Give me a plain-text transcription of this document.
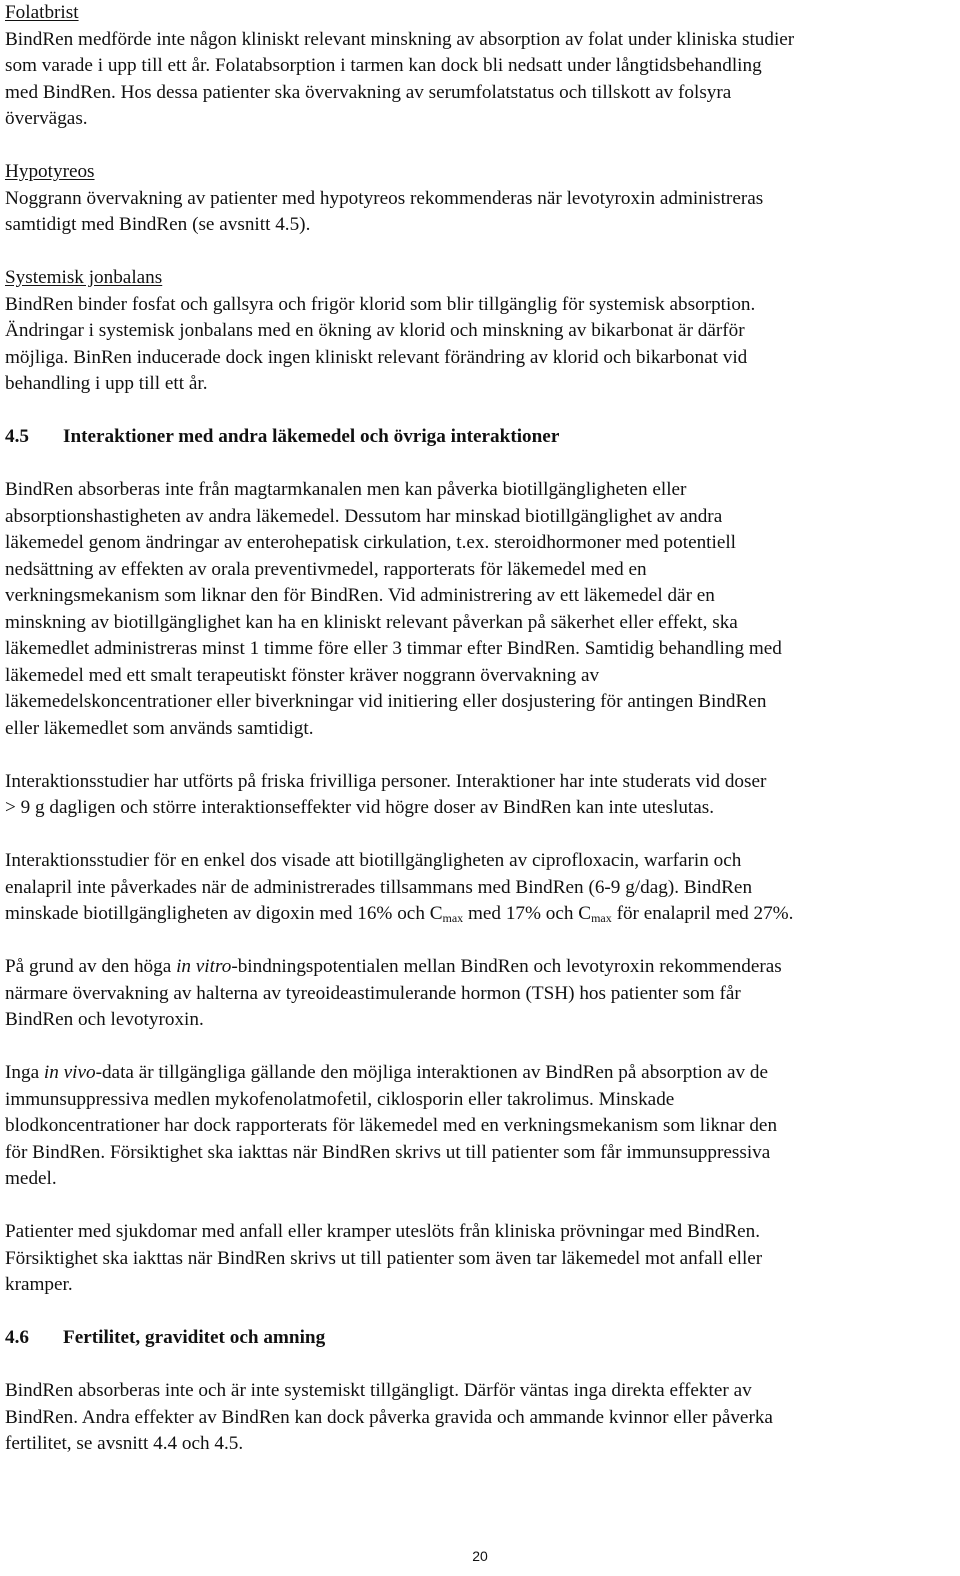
Folatbrist
BindRen medförde inte någon kliniskt relevant minskning av absorption av folat under kliniska studier
som varade i upp till ett år. Folatabsorption i tarmen kan dock bli nedsatt under långtidsbehandling
med BindRen. Hos dessa patienter ska övervakning av serumfolatstatus och tillskott av folsyra
övervägas.
Hypotyreos
Noggrann övervakning av patienter med hypotyreos rekommenderas när levotyroxin administreras
samtidigt med BindRen (se avsnitt 4.5).
Systemisk jonbalans
BindRen binder fosfat och gallsyra och frigör klorid som blir tillgänglig för systemisk absorption.
Ändringar i systemisk jonbalans med en ökning av klorid och minskning av bikarbonat är därför
möjliga. BinRen inducerade dock ingen kliniskt relevant förändring av klorid och bikarbonat vid
behandling i upp till ett år.
4.5 Interaktioner med andra läkemedel och övriga interaktioner
BindRen absorberas inte från magtarmkanalen men kan påverka biotillgängligheten eller
absorptionshastigheten av andra läkemedel. Dessutom har minskad biotillgänglighet av andra
läkemedel genom ändringar av enterohepatisk cirkulation, t.ex. steroidhormoner med potentiell
nedsättning av effekten av orala preventivmedel, rapporterats för läkemedel med en
verkningsmekanism som liknar den för BindRen. Vid administrering av ett läkemedel där en
minskning av biotillgänglighet kan ha en kliniskt relevant påverkan på säkerhet eller effekt, ska
läkemedlet administreras minst 1 timme före eller 3 timmar efter BindRen. Samtidig behandling med
läkemedel med ett smalt terapeutiskt fönster kräver noggrann övervakning av
läkemedelskoncentrationer eller biverkningar vid initiering eller dosjustering för antingen BindRen
eller läkemedlet som används samtidigt.
Interaktionsstudier har utförts på friska frivilliga personer. Interaktioner har inte studerats vid doser
> 9 g dagligen och större interaktionseffekter vid högre doser av BindRen kan inte uteslutas.
Interaktionsstudier för en enkel dos visade att biotillgängligheten av ciprofloxacin, warfarin och
enalapril inte påverkades när de administrerades tillsammans med BindRen (6-9 g/dag). BindRen
minskade biotillgängligheten av digoxin med 16% och $C_{max}$ med 17% och $C_{max}$ för enalapril med 27%.
På grund av den höga in vitro-bindningspotentialen mellan BindRen och levotyroxin rekommenderas
närmare övervakning av halterna av tyreoideastimulerande hormon (TSH) hos patienter som får
BindRen och levotyroxin.
Inga in vivo-data är tillgängliga gällande den möjliga interaktionen av BindRen på absorption av de
immunsuppressiva medlen mykofenolatmofetil, ciklosporin eller takrolimus. Minskade
blodkoncentrationer har dock rapporterats för läkemedel med en verkningsmekanism som liknar den
för BindRen. Försiktighet ska iakttas när BindRen skrivs ut till patienter som får immunsuppressiva
medel.
Patienter med sjukdomar med anfall eller kramper uteslöts från kliniska prövningar med BindRen.
Försiktighet ska iakttas när BindRen skrivs ut till patienter som även tar läkemedel mot anfall eller
kramper.
4.6 Fertilitet, graviditet och amning
BindRen absorberas inte och är inte systemiskt tillgängligt. Därför väntas inga direkta effekter av
BindRen. Andra effekter av BindRen kan dock påverka gravida och ammande kvinnor eller påverka
fertilitet, se avsnitt 4.4 och 4.5.
20
